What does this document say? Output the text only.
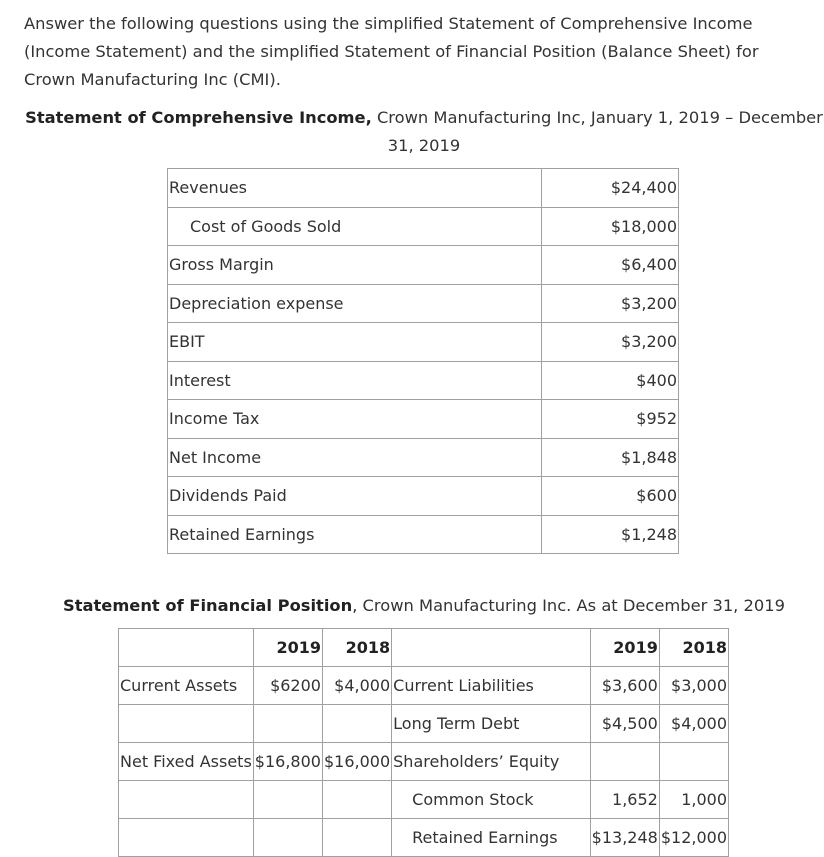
Answer the following questions using the simplified Statement of Comprehensive Income (Income Statement) and the simplified Statement of Financial Position (Balance Sheet) for Crown Manufacturing Inc (CMI).
Statement of Comprehensive Income, Crown Manufacturing Inc, January 1, 2019 – December 31, 2019
Revenues	$24,400
Cost of Goods Sold	$18,000
Gross Margin	$6,400
Depreciation expense	$3,200
EBIT	$3,200
Interest	$400
Income Tax	$952
Net Income	$1,848
Dividends Paid	$600
Retained Earnings	$1,248
Statement of Financial Position, Crown Manufacturing Inc. As at December 31, 2019
	2019	2018		2019	2018
Current Assets	$6200	$4,000	Current Liabilities	$3,600	$3,000
			Long Term Debt	$4,500	$4,000
Net Fixed Assets	$16,800	$16,000	Shareholders’ Equity		
			Common Stock	1,652	1,000
			Retained Earnings	$13,248	$12,000
